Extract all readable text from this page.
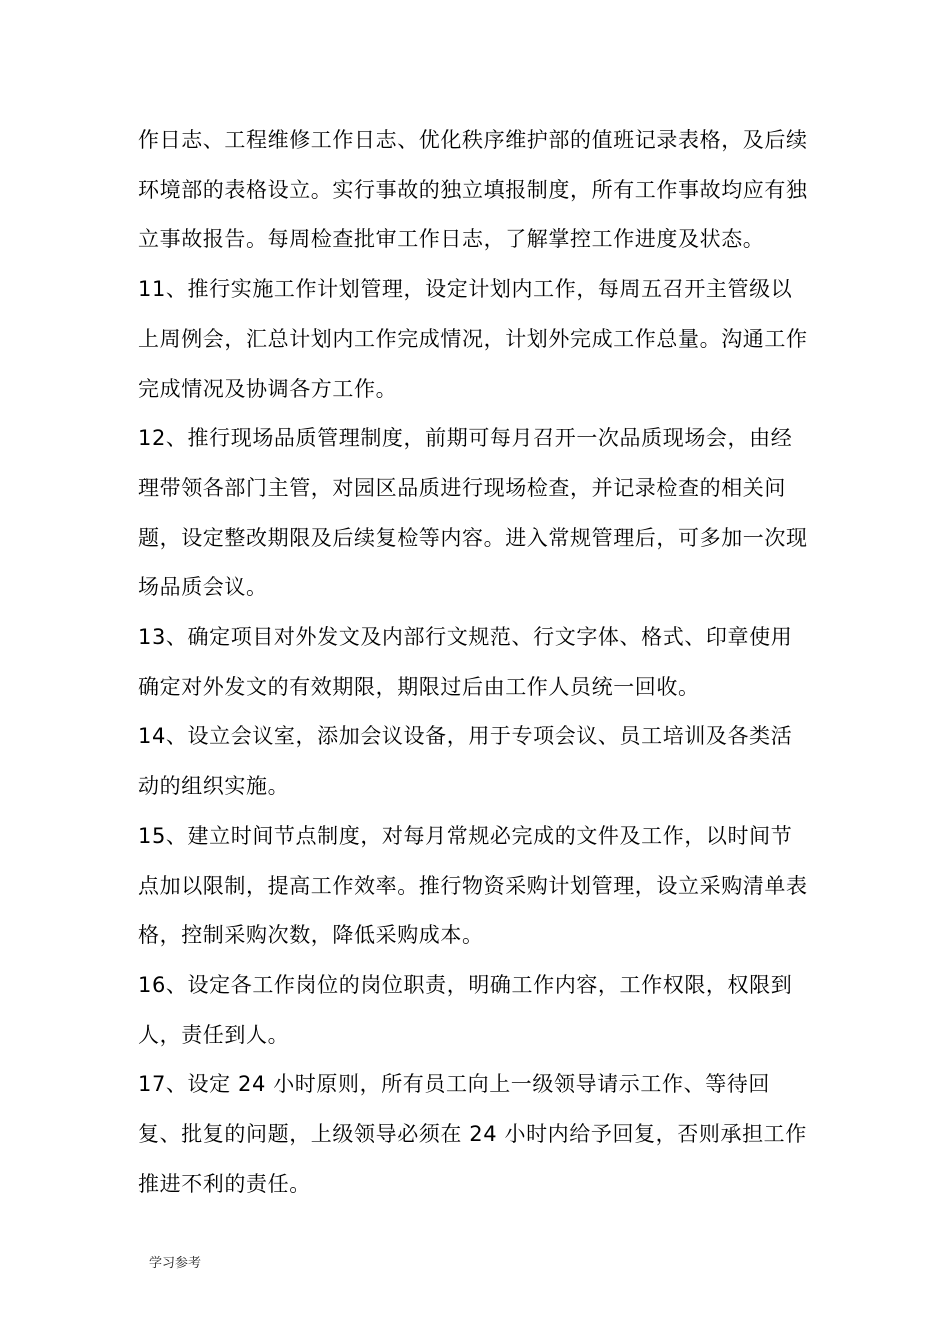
作日志、工程维修工作日志、优化秩序维护部的值班记录表格，及后续环境部的表格设立。实行事故的独立填报制度，所有工作事故均应有独立事故报告。每周检查批审工作日志，了解掌控工作进度及状态。

11、推行实施工作计划管理，设定计划内工作，每周五召开主管级以上周例会，汇总计划内工作完成情况，计划外完成工作总量。沟通工作完成情况及协调各方工作。

12、推行现场品质管理制度，前期可每月召开一次品质现场会，由经理带领各部门主管，对园区品质进行现场检查，并记录检查的相关问题，设定整改期限及后续复检等内容。进入常规管理后，可多加一次现场品质会议。

13、确定项目对外发文及内部行文规范、行文字体、格式、印章使用确定对外发文的有效期限，期限过后由工作人员统一回收。

14、设立会议室，添加会议设备，用于专项会议、员工培训及各类活动的组织实施。

15、建立时间节点制度，对每月常规必完成的文件及工作，以时间节点加以限制，提高工作效率。推行物资采购计划管理，设立采购清单表格，控制采购次数，降低采购成本。

16、设定各工作岗位的岗位职责，明确工作内容，工作权限，权限到人，责任到人。

17、设定 24 小时原则，所有员工向上一级领导请示工作、等待回复、批复的问题，上级领导必须在 24 小时内给予回复，否则承担工作推进不利的责任。

学习参考
